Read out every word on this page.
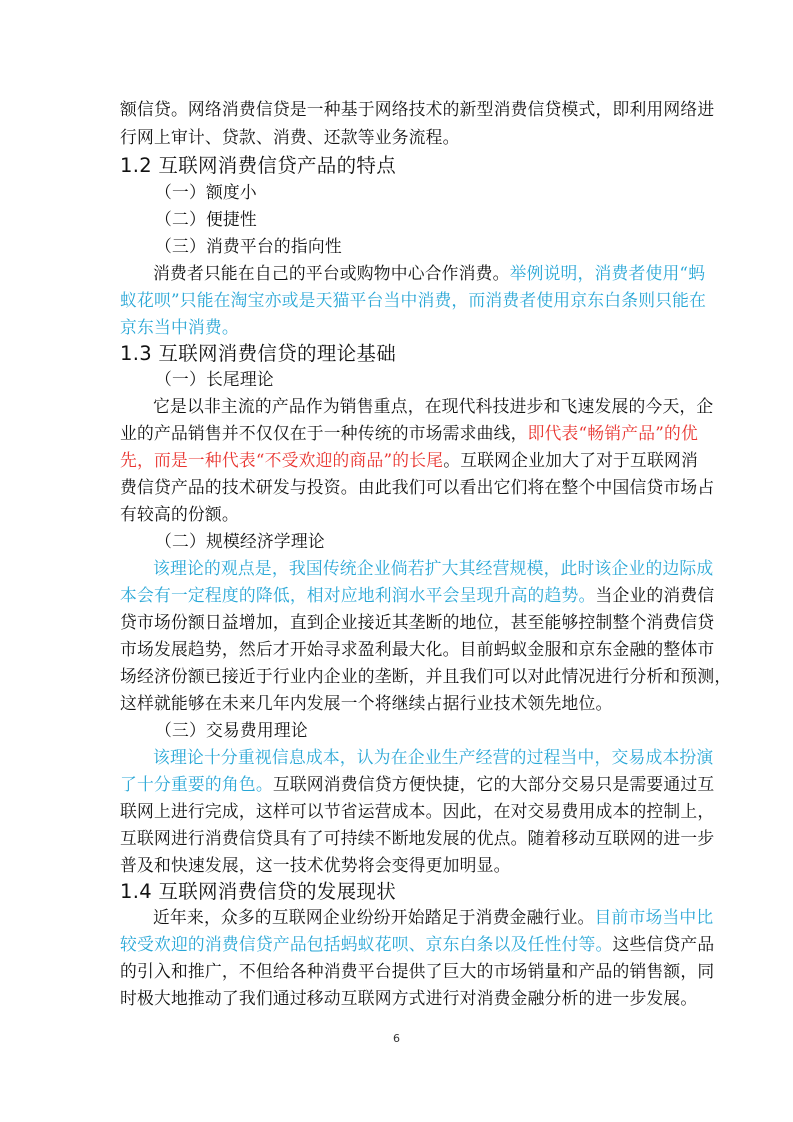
额信贷。网络消费信贷是一种基于网络技术的新型消费信贷模式，即利用网络进
行网上审计、贷款、消费、还款等业务流程。
1.2 互联网消费信贷产品的特点
（一）额度小
（二）便捷性
（三）消费平台的指向性
消费者只能在自己的平台或购物中心合作消费。举例说明，消费者使用“蚂
蚁花呗”只能在淘宝亦或是天猫平台当中消费，而消费者使用京东白条则只能在
京东当中消费。
1.3 互联网消费信贷的理论基础
（一）长尾理论
它是以非主流的产品作为销售重点，在现代科技进步和飞速发展的今天，企
业的产品销售并不仅仅在于一种传统的市场需求曲线，即代表“畅销产品”的优
先，而是一种代表“不受欢迎的商品”的长尾。互联网企业加大了对于互联网消
费信贷产品的技术研发与投资。由此我们可以看出它们将在整个中国信贷市场占
有较高的份额。
（二）规模经济学理论
该理论的观点是，我国传统企业倘若扩大其经营规模，此时该企业的边际成
本会有一定程度的降低，相对应地利润水平会呈现升高的趋势。当企业的消费信
贷市场份额日益增加，直到企业接近其垄断的地位，甚至能够控制整个消费信贷
市场发展趋势，然后才开始寻求盈利最大化。目前蚂蚁金服和京东金融的整体市
场经济份额已接近于行业内企业的垄断，并且我们可以对此情况进行分析和预测，
这样就能够在未来几年内发展一个将继续占据行业技术领先地位。
（三）交易费用理论
该理论十分重视信息成本，认为在企业生产经营的过程当中，交易成本扮演
了十分重要的角色。互联网消费信贷方便快捷，它的大部分交易只是需要通过互
联网上进行完成，这样可以节省运营成本。因此，在对交易费用成本的控制上，
互联网进行消费信贷具有了可持续不断地发展的优点。随着移动互联网的进一步
普及和快速发展，这一技术优势将会变得更加明显。
1.4 互联网消费信贷的发展现状
近年来，众多的互联网企业纷纷开始踏足于消费金融行业。目前市场当中比
较受欢迎的消费信贷产品包括蚂蚁花呗、京东白条以及任性付等。这些信贷产品
的引入和推广，不但给各种消费平台提供了巨大的市场销量和产品的销售额，同
时极大地推动了我们通过移动互联网方式进行对消费金融分析的进一步发展。
6
